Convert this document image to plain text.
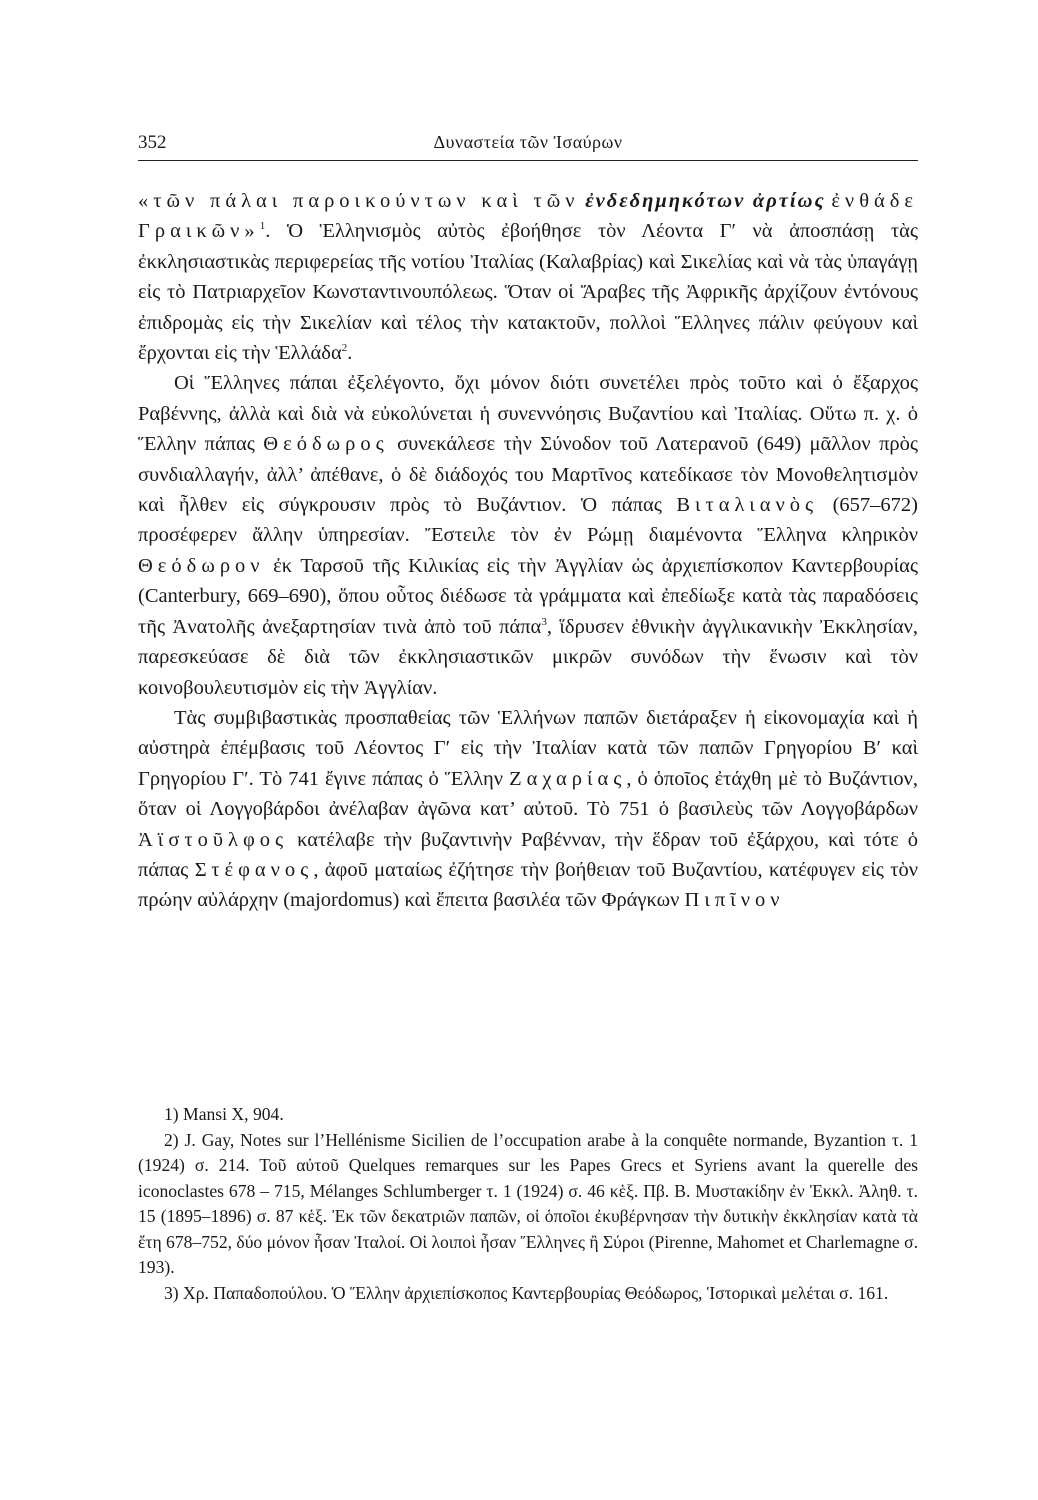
352	Δυναστεία τῶν Ἰσαύρων

«τῶν πάλαι παροικούντων καὶ τῶν ἐνδεδημηκότων ἀρτίως ἐνθάδε Γραικῶν»$^1$. Ὁ Ἑλληνισμὸς αὐτὸς ἐβοήθησε τὸν Λέοντα Γ′ νὰ ἀποσπάσῃ τὰς ἐκκλησιαστικὰς περιφερείας τῆς νοτίου Ἰταλίας (Καλαβρίας) καὶ Σικελίας καὶ νὰ τὰς ὑπαγάγῃ εἰς τὸ Πατριαρχεῖον Κωνσταντινουπόλεως. Ὅταν οἱ Ἄραβες τῆς Ἀφρικῆς ἀρχίζουν ἐντόνους ἐπιδρομὰς εἰς τὴν Σικελίαν καὶ τέλος τὴν κατακτοῦν, πολλοὶ Ἕλληνες πάλιν φεύγουν καὶ ἔρχονται εἰς τὴν Ἑλλάδα$^2$.

Οἱ Ἕλληνες πάπαι ἐξελέγοντο, ὄχι μόνον διότι συνετέλει πρὸς τοῦτο καὶ ὁ ἔξαρχος Ραβέννης, ἀλλὰ καὶ διὰ νὰ εὐκολύνεται ἡ συνεννόησις Βυζαντίου καὶ Ἰταλίας. Οὕτω π. χ. ὁ Ἕλλην πάπας Θεόδωρος συνεκάλεσε τὴν Σύνοδον τοῦ Λατερανοῦ (649) μᾶλλον πρὸς συνδιαλλαγήν, ἀλλ’ ἀπέθανε, ὁ δὲ διάδοχός του Μαρτῖνος κατεδίκασε τὸν Μονοθελητισμὸν καὶ ἦλθεν εἰς σύγκρουσιν πρὸς τὸ Βυζάντιον. Ὁ πάπας Βιταλιανὸς (657–672) προσέφερεν ἄλλην ὑπηρεσίαν. Ἔστειλε τὸν ἐν Ρώμῃ διαμένοντα Ἕλληνα κληρικὸν Θεόδωρον ἐκ Ταρσοῦ τῆς Κιλικίας εἰς τὴν Ἀγγλίαν ὡς ἀρχιεπίσκοπον Καντερβουρίας (Canterbury, 669–690), ὅπου οὗτος διέδωσε τὰ γράμματα καὶ ἐπεδίωξε κατὰ τὰς παραδόσεις τῆς Ἀνατολῆς ἀνεξαρτησίαν τινὰ ἀπὸ τοῦ πάπα$^3$, ἵδρυσεν ἐθνικὴν ἀγγλικανικὴν Ἐκκλησίαν, παρεσκεύασε δὲ διὰ τῶν ἐκκλησιαστικῶν μικρῶν συνόδων τὴν ἕνωσιν καὶ τὸν κοινοβουλευτισμὸν εἰς τὴν Ἀγγλίαν.

Τὰς συμβιβαστικὰς προσπαθείας τῶν Ἑλλήνων παπῶν διετάραξεν ἡ εἰκονομαχία καὶ ἡ αὐστηρὰ ἐπέμβασις τοῦ Λέοντος Γ′ εἰς τὴν Ἰταλίαν κατὰ τῶν παπῶν Γρηγορίου Β′ καὶ Γρηγορίου Γ′. Τὸ 741 ἔγινε πάπας ὁ Ἕλλην Ζαχαρίας, ὁ ὁποῖος ἐτάχθη μὲ τὸ Βυζάντιον, ὅταν οἱ Λογγοβάρδοι ἀνέλαβαν ἀγῶνα κατ’ αὐτοῦ. Τὸ 751 ὁ βασιλεὺς τῶν Λογγοβάρδων Ἀϊστοῦλφος κατέλαβε τὴν βυζαντινὴν Ραβένναν, τὴν ἕδραν τοῦ ἐξάρχου, καὶ τότε ὁ πάπας Στέφανος, ἀφοῦ ματαίως ἐζήτησε τὴν βοήθειαν τοῦ Βυζαντίου, κατέφυγεν εἰς τὸν πρώην αὐλάρχην (majordomus) καὶ ἔπειτα βασιλέα τῶν Φράγκων Πιπῖνον

1) Mansi X, 904.

2) J. Gay, Notes sur l’Hellénisme Sicilien de l’occupation arabe à la conquête normande, Byzantion τ. 1 (1924) σ. 214. Τοῦ αὐτοῦ Quelques remarques sur les Papes Grecs et Syriens avant la querelle des iconoclastes 678 – 715, Mélanges Schlumberger τ. 1 (1924) σ. 46 κἑξ. Πβ. Β. Μυστακίδην ἐν Ἐκκλ. Ἀληθ. τ. 15 (1895–1896) σ. 87 κἑξ. Ἐκ τῶν δεκατριῶν παπῶν, οἱ ὁποῖοι ἐκυβέρνησαν τὴν δυτικὴν ἐκκλησίαν κατὰ τὰ ἔτη 678–752, δύο μόνον ἦσαν Ἰταλοί. Οἱ λοιποὶ ἦσαν Ἕλληνες ἢ Σύροι (Pirenne, Mahomet et Charlemagne σ. 193).

3) Χρ. Παπαδοπούλου. Ὁ Ἕλλην ἀρχιεπίσκοπος Καντερβουρίας Θεόδωρος, Ἱστορικαὶ μελέται σ. 161.
